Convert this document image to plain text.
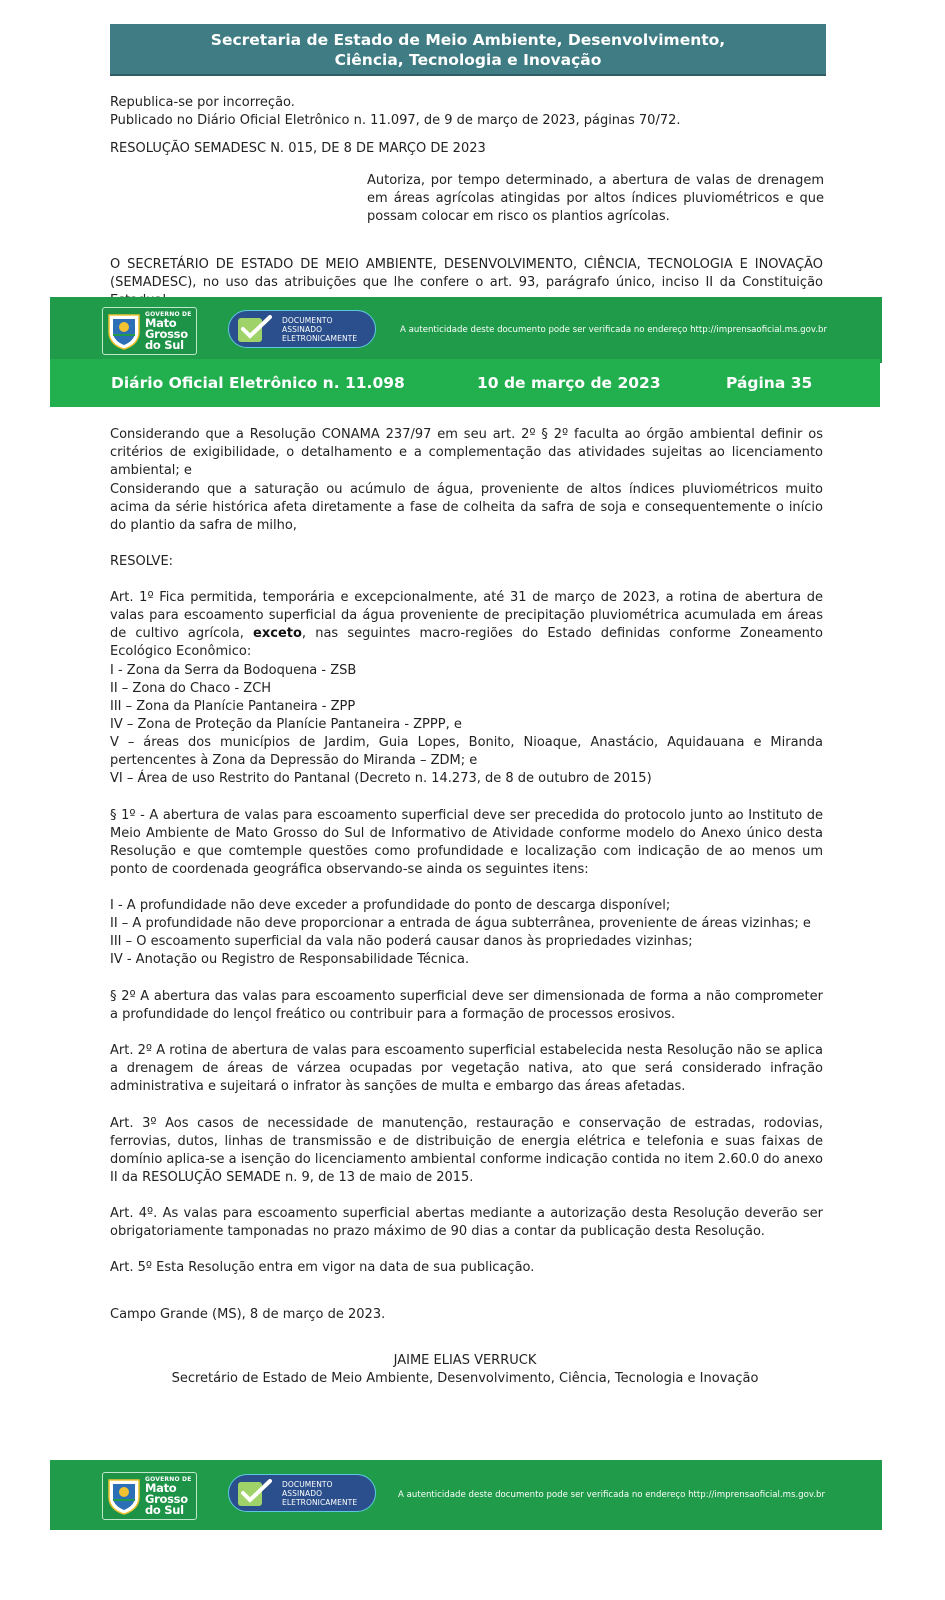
Secretaria de Estado de Meio Ambiente, Desenvolvimento,
Ciência, Tecnologia e Inovação
Republica-se por incorreção.
Publicado no Diário Oficial Eletrônico n. 11.097, de 9 de março de 2023, páginas 70/72.
RESOLUÇÃO SEMADESC N. 015, DE 8 DE MARÇO DE 2023
Autoriza, por tempo determinado, a abertura de valas de drenagem em áreas agrícolas atingidas por altos índices pluviométricos e que possam colocar em risco os plantios agrícolas.
O SECRETÁRIO DE ESTADO DE MEIO AMBIENTE, DESENVOLVIMENTO, CIÊNCIA, TECNOLOGIA E INOVAÇÃO (SEMADESC), no uso das atribuições que lhe confere o art. 93, parágrafo único, inciso II da Constituição
GOVERNO DE
Mato
Grosso
do Sul
DOCUMENTO
ASSINADO
ELETRONICAMENTE
A autenticidade deste documento pode ser verificada no endereço http://imprensaoficial.ms.gov.br
Diário Oficial Eletrônico n. 11.098	10 de março de 2023	Página 35
Considerando que a Resolução CONAMA 237/97 em seu art. 2º § 2º faculta ao órgão ambiental definir os critérios de exigibilidade, o detalhamento e a complementação das atividades sujeitas ao licenciamento ambiental; e
Considerando que a saturação ou acúmulo de água, proveniente de altos índices pluviométricos muito acima da série histórica afeta diretamente a fase de colheita da safra de soja e consequentemente o início do plantio da safra de milho,
RESOLVE:
Art. 1º Fica permitida, temporária e excepcionalmente, até 31 de março de 2023, a rotina de abertura de valas para escoamento superficial da água proveniente de precipitação pluviométrica acumulada em áreas de cultivo agrícola, exceto, nas seguintes macro-regiões do Estado definidas conforme Zoneamento Ecológico Econômico:
I - Zona da Serra da Bodoquena - ZSB
II – Zona do Chaco - ZCH
III – Zona da Planície Pantaneira - ZPP
IV – Zona de Proteção da Planície Pantaneira - ZPPP, e
V – áreas dos municípios de Jardim, Guia Lopes, Bonito, Nioaque, Anastácio, Aquidauana e Miranda pertencentes à Zona da Depressão do Miranda – ZDM; e
VI – Área de uso Restrito do Pantanal (Decreto n. 14.273, de 8 de outubro de 2015)
§ 1º - A abertura de valas para escoamento superficial deve ser precedida do protocolo junto ao Instituto de Meio Ambiente de Mato Grosso do Sul de Informativo de Atividade conforme modelo do Anexo único desta Resolução e que comtemple questões como profundidade e localização com indicação de ao menos um ponto de coordenada geográfica observando-se ainda os seguintes itens:
I - A profundidade não deve exceder a profundidade do ponto de descarga disponível;
II – A profundidade não deve proporcionar a entrada de água subterrânea, proveniente de áreas vizinhas; e
III – O escoamento superficial da vala não poderá causar danos às propriedades vizinhas;
IV - Anotação ou Registro de Responsabilidade Técnica.
§ 2º A abertura das valas para escoamento superficial deve ser dimensionada de forma a não comprometer a profundidade do lençol freático ou contribuir para a formação de processos erosivos.
Art. 2º A rotina de abertura de valas para escoamento superficial estabelecida nesta Resolução não se aplica a drenagem de áreas de várzea ocupadas por vegetação nativa, ato que será considerado infração administrativa e sujeitará o infrator às sanções de multa e embargo das áreas afetadas.
Art. 3º Aos casos de necessidade de manutenção, restauração e conservação de estradas, rodovias, ferrovias, dutos, linhas de transmissão e de distribuição de energia elétrica e telefonia e suas faixas de domínio aplica-se a isenção do licenciamento ambiental conforme indicação contida no item 2.60.0 do anexo II da RESOLUÇÃO SEMADE n. 9, de 13 de maio de 2015.
Art. 4º. As valas para escoamento superficial abertas mediante a autorização desta Resolução deverão ser obrigatoriamente tamponadas no prazo máximo de 90 dias a contar da publicação desta Resolução.
Art. 5º Esta Resolução entra em vigor na data de sua publicação.
Campo Grande (MS), 8 de março de 2023.
JAIME ELIAS VERRUCK
Secretário de Estado de Meio Ambiente, Desenvolvimento, Ciência, Tecnologia e Inovação
GOVERNO DE
Mato
Grosso
do Sul
DOCUMENTO
ASSINADO
ELETRONICAMENTE
A autenticidade deste documento pode ser verificada no endereço http://imprensaoficial.ms.gov.br
